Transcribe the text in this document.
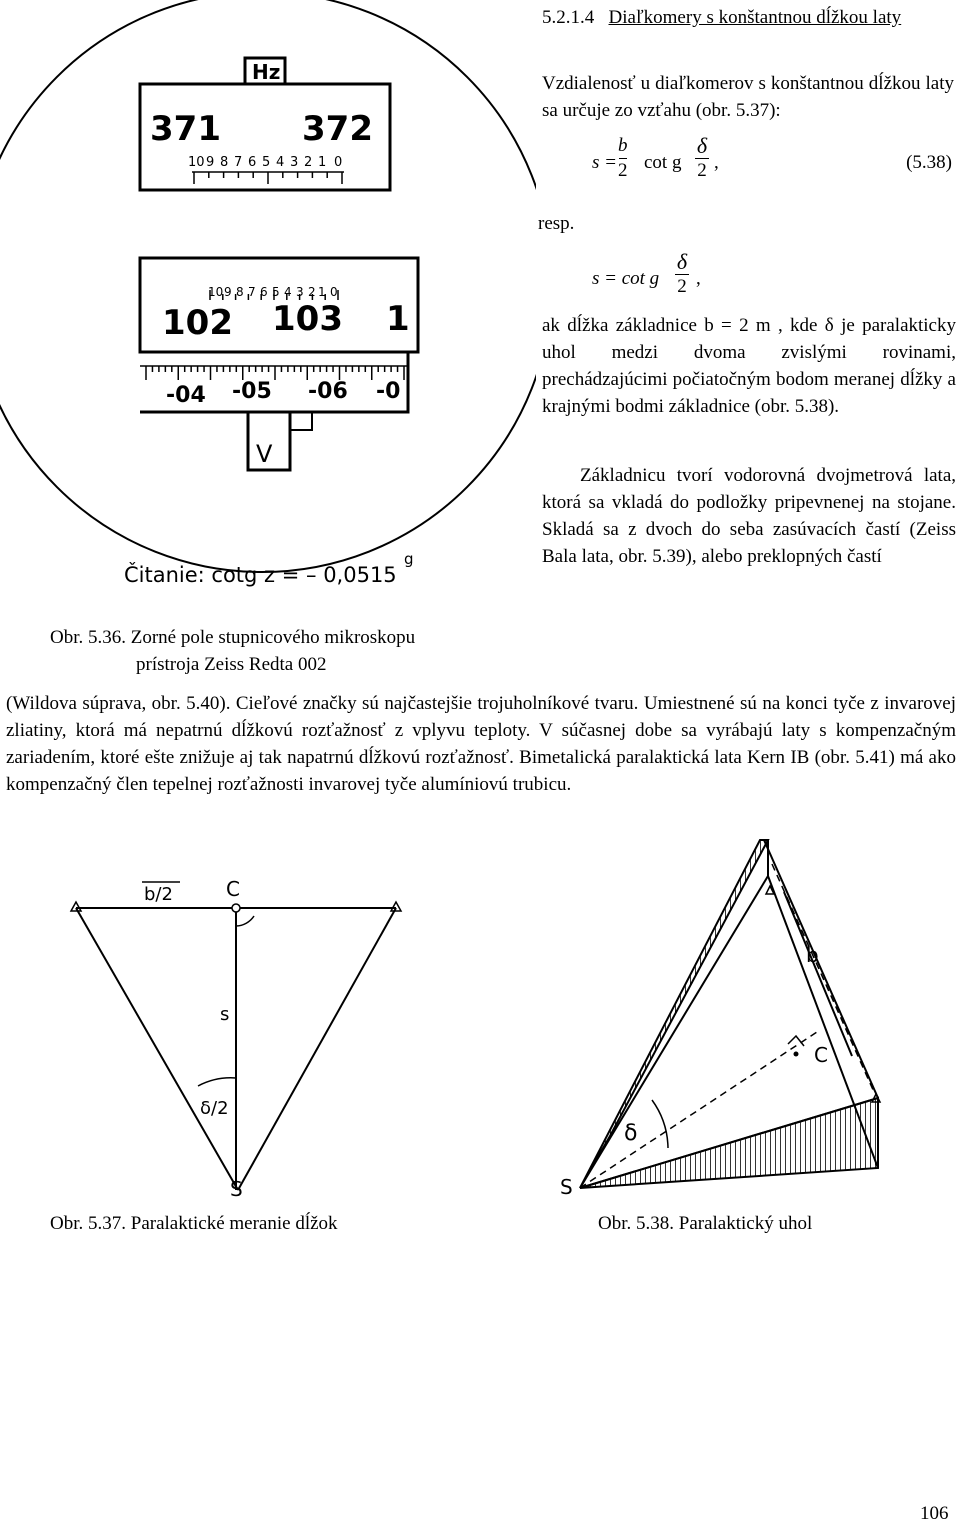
5.2.1.4 Diaľkomery s konštantnou dĺžkou laty
Vzdialenosť u diaľkomerov s konštantnou dĺžkou laty sa určuje zo vzťahu (obr. 5.37):
s =
b
2 cot g
δ
2 ,	(5.38)
resp.
s = cot g
δ
2 ,
ak dĺžka základnice b = 2 m , kde δ je paralakticky uhol medzi dvoma zvislými rovinami, prechádzajúcimi počiatočným bodom meranej dĺžky a krajnými bodmi základnice (obr. 5.38).
Základnicu tvorí vodorovná dvojmetrová lata, ktorá sa vkladá do podložky pripevnenej na stojane. Skladá sa z dvoch do seba zasúvacích častí (Zeiss Bala lata, obr. 5.39), alebo preklopných častí
(Wildova súprava, obr. 5.40). Cieľové značky sú najčastejšie trojuholníkové tvaru. Umiestnené sú na konci tyče z invarovej zliatiny, ktorá má nepatrnú dĺžkovú rozťažnosť z vplyvu teploty. V súčasnej dobe sa vyrábajú laty s kompenzačným zariadením, ktoré ešte znižuje aj tak napatrnú dĺžkovú rozťažnosť. Bimetalická paralaktická lata Kern IB (obr. 5.41) má ako kompenzačný člen tepelnej rozťažnosti invarovej tyče alumíniovú trubicu.
Hz
371 372
10 9 8 7 6 5 4 3 2 1 0
10 9 8 7 6 5 4 3 2 1 0
102 103 1
-04 -05 -06 -0
V
Čitanie: cotg z = – 0,0515
g
Obr. 5.36. Zorné pole stupnicového mikroskopu
prístroja Zeiss Redta 002
b/2	C
s
δ/2
S
Obr. 5.37. Paralaktické meranie dĺžok
b
C
δ
S
Obr. 5.38. Paralaktický uhol
106
